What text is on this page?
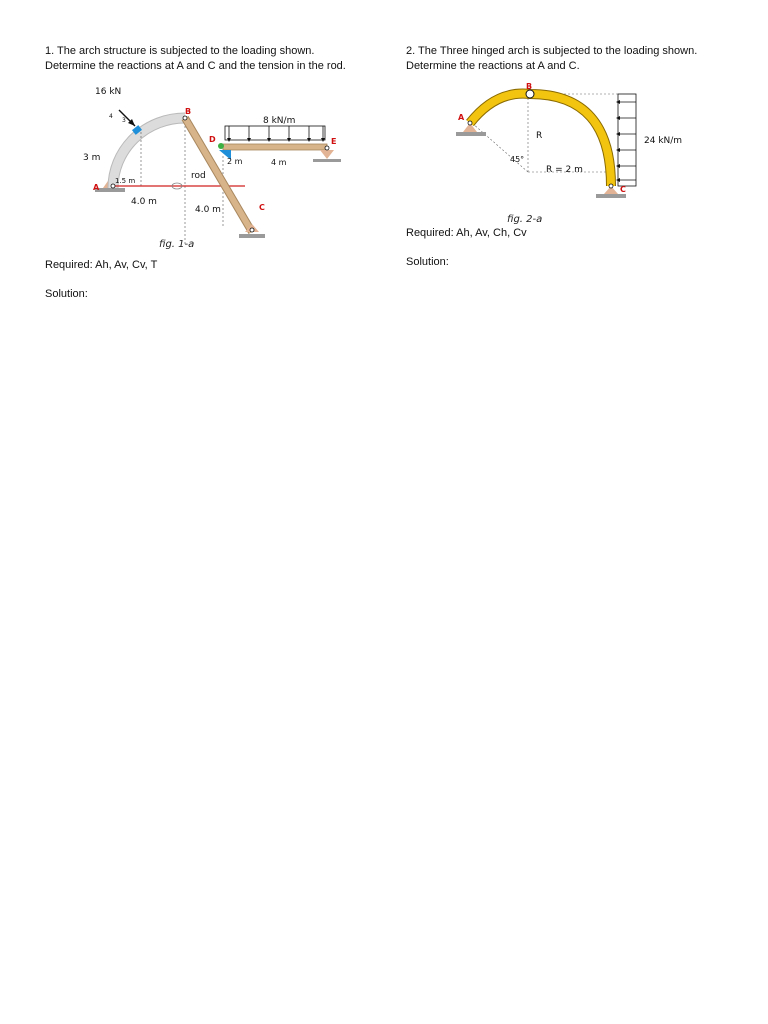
1. The arch structure is subjected to the loading shown.

Determine the reactions at A and C and the tension in the rod.

16 kN
4
3	8 kN/m
3 m
1.5 m	rod
4.0 m
4.0 m
2 m	4 m
A
B
C
D	E
fig. 1-a

Required: Ah, Av, Cv, T

Solution:

2. The Three hinged arch is subjected to the loading shown.

Determine the reactions at A and C.

A
B
C
R
45°
R = 2 m
24 kN/m
fig. 2-a

Required: Ah, Av, Ch, Cv

Solution:
